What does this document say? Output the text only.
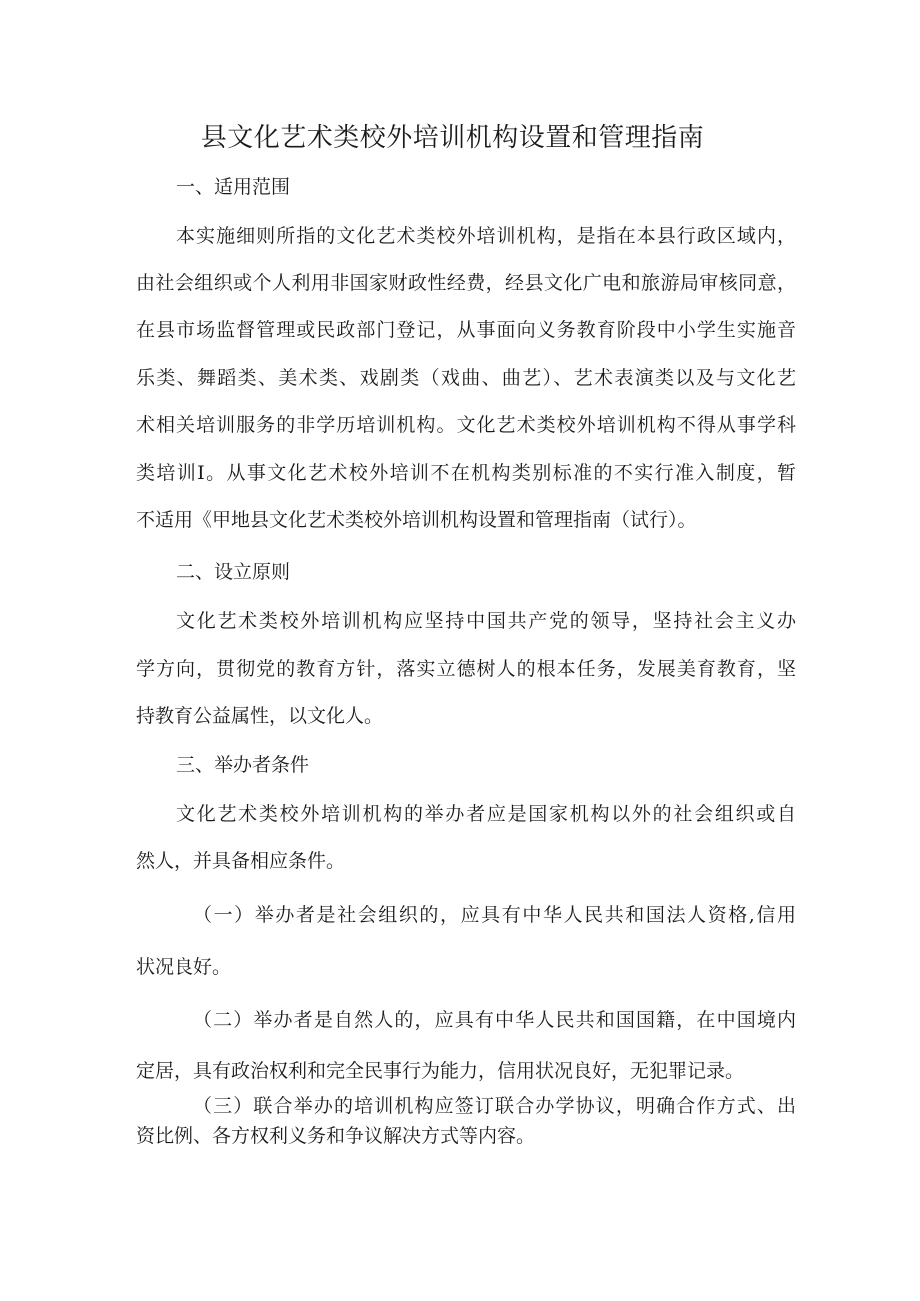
县文化艺术类校外培训机构设置和管理指南

一、适用范围

本实施细则所指的文化艺术类校外培训机构，是指在本县行政区域内，

由社会组织或个人利用非国家财政性经费，经县文化广电和旅游局审核同意，

在县市场监督管理或民政部门登记，从事面向义务教育阶段中小学生实施音

乐类、舞蹈类、美术类、戏剧类（戏曲、曲艺）、艺术表演类以及与文化艺

术相关培训服务的非学历培训机构。文化艺术类校外培训机构不得从事学科

类培训Ⅰ。从事文化艺术校外培训不在机构类别标准的不实行准入制度，暂

不适用《甲地县文化艺术类校外培训机构设置和管理指南（试行）。

二、设立原则

文化艺术类校外培训机构应坚持中国共产党的领导，坚持社会主义办

学方向，贯彻党的教育方针，落实立德树人的根本任务，发展美育教育，坚

持教育公益属性，以文化人。

三、举办者条件

文化艺术类校外培训机构的举办者应是国家机构以外的社会组织或自

然人，并具备相应条件。

（一）举办者是社会组织的，应具有中华人民共和国法人资格,信用

状况良好。

（二）举办者是自然人的，应具有中华人民共和国国籍，在中国境内

定居，具有政治权利和完全民事行为能力，信用状况良好，无犯罪记录。

（三）联合举办的培训机构应签订联合办学协议，明确合作方式、出

资比例、各方权利义务和争议解决方式等内容。
